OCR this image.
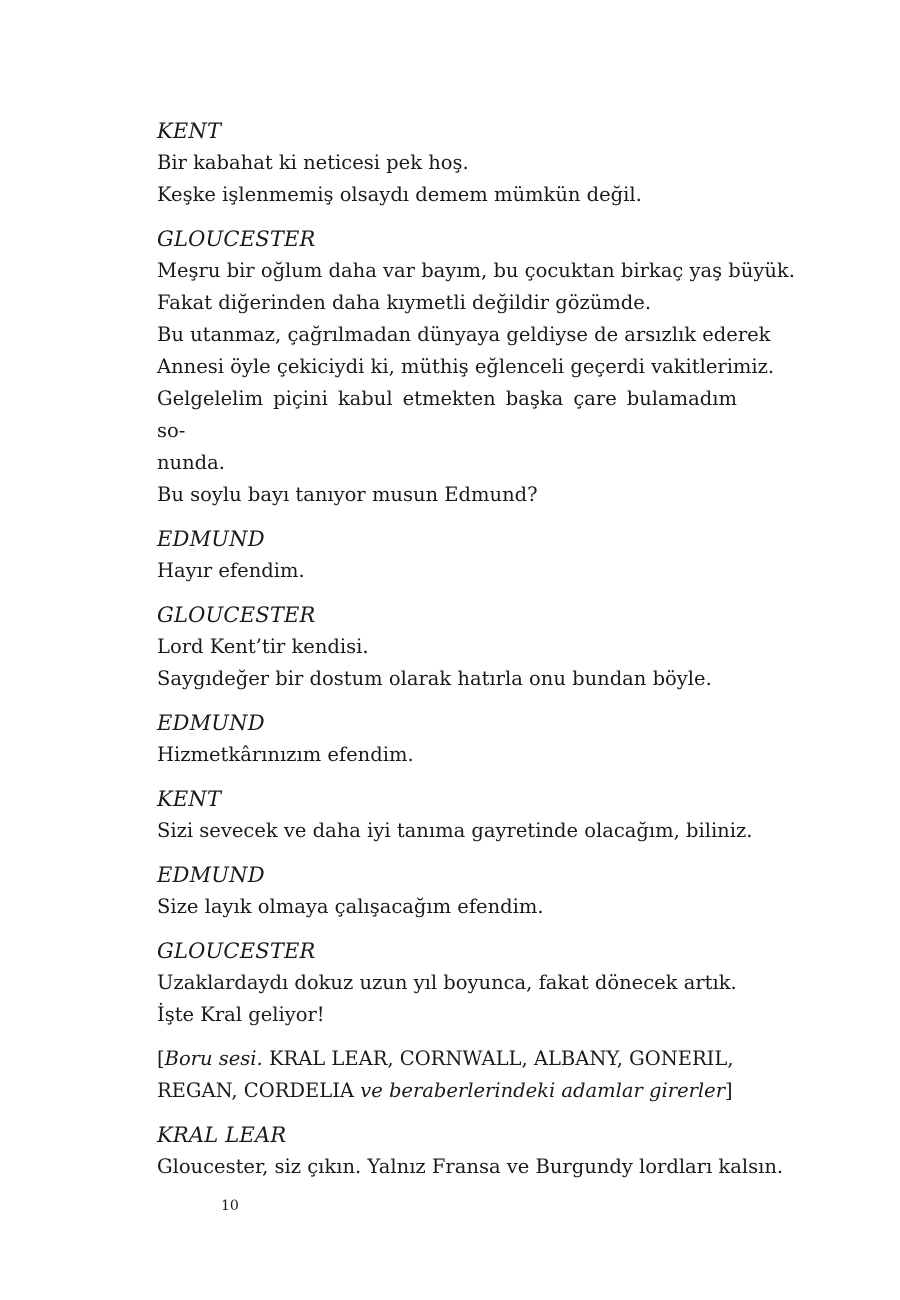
KENT

Bir kabahat ki neticesi pek hoş.

Keşke işlenmemiş olsaydı demem mümkün değil.

GLOUCESTER

Meşru bir oğlum daha var bayım, bu çocuktan birkaç yaş büyük.

Fakat diğerinden daha kıymetli değildir gözümde.

Bu utanmaz, çağrılmadan dünyaya geldiyse de arsızlık ederek

Annesi öyle çekiciydi ki, müthiş eğlenceli geçerdi vakitlerimiz.

Gelgelelim piçini kabul etmekten başka çare bulamadım so-

nunda.

Bu soylu bayı tanıyor musun Edmund?

EDMUND

Hayır efendim.

GLOUCESTER

Lord Kent’tir kendisi.

Saygıdeğer bir dostum olarak hatırla onu bundan böyle.

EDMUND

Hizmetkârınızım efendim.

KENT

Sizi sevecek ve daha iyi tanıma gayretinde olacağım, biliniz.

EDMUND

Size layık olmaya çalışacağım efendim.

GLOUCESTER

Uzaklardaydı dokuz uzun yıl boyunca, fakat dönecek artık.

İşte Kral geliyor!

[Boru sesi. KRAL LEAR, CORNWALL, ALBANY, GONERIL,

REGAN, CORDELIA ve beraberlerindeki adamlar girerler]

KRAL LEAR

Gloucester, siz çıkın. Yalnız Fransa ve Burgundy lordları kalsın.

10
